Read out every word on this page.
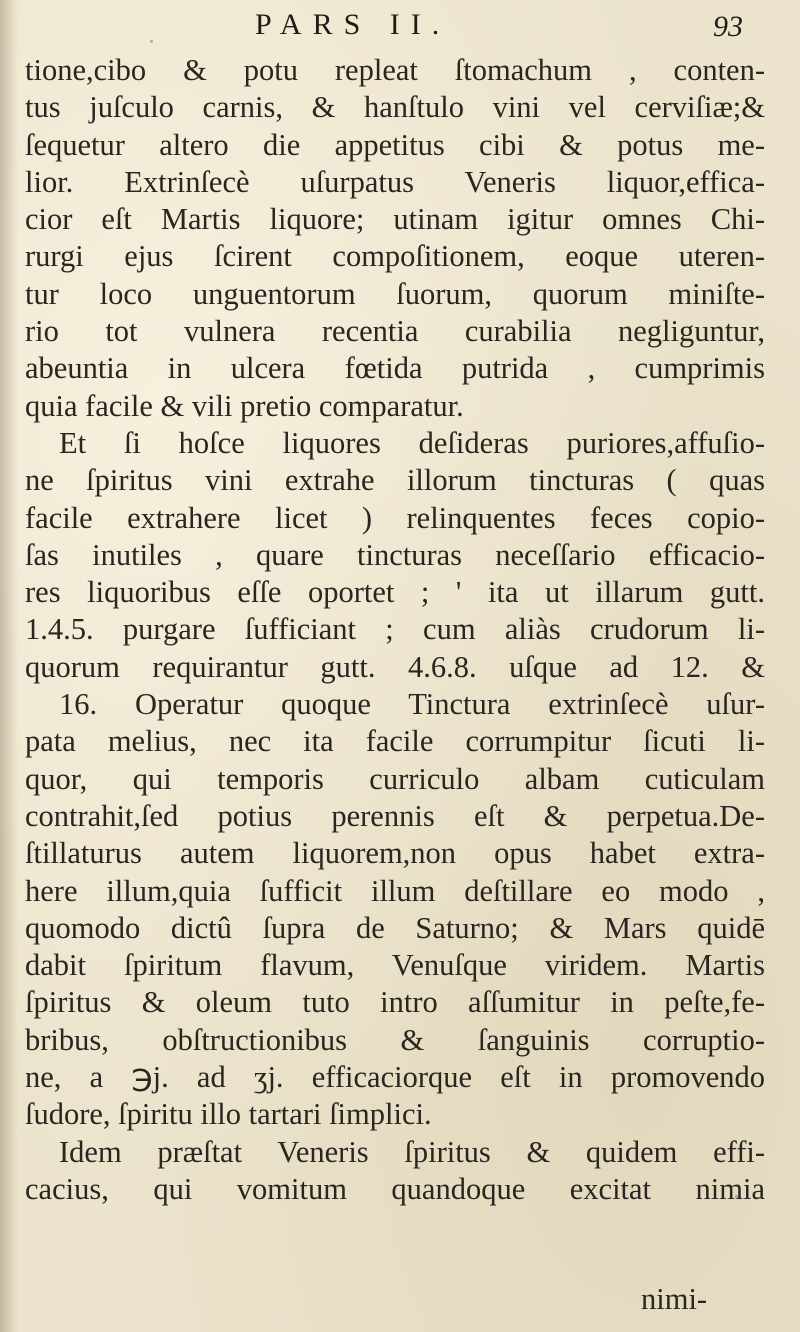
PARS II.	93
tione,cibo & potu repleat ſtomachum , conten-
tus juſculo carnis, & hanſtulo vini vel cerviſiæ;&
ſequetur altero die appetitus cibi & potus me-
lior. Extrinſecè uſurpatus Veneris liquor,effica-
cior eſt Martis liquore; utinam igitur omnes Chi-
rurgi ejus ſcirent compoſitionem, eoque uteren-
tur loco unguentorum ſuorum, quorum miniſte-
rio tot vulnera recentia curabilia negliguntur,
abeuntia in ulcera fœtida putrida , cumprimis
quia facile & vili pretio comparatur.
Et ſi hoſce liquores deſideras puriores,affuſio-
ne ſpiritus vini extrahe illorum tincturas ( quas
facile extrahere licet ) relinquentes feces copio-
ſas inutiles , quare tincturas neceſſario efficacio-
res liquoribus eſſe oportet ; ' ita ut illarum gutt.
1.4.5. purgare ſufficiant ; cum aliàs crudorum li-
quorum requirantur gutt. 4.6.8. uſque ad 12. &
16. Operatur quoque Tinctura extrinſecè uſur-
pata melius, nec ita facile corrumpitur ſicuti li-
quor, qui temporis curriculo albam cuticulam
contrahit,ſed potius perennis eſt & perpetua.De-
ſtillaturus autem liquorem,non opus habet extra-
here illum,quia ſufficit illum deſtillare eo modo ,
quomodo dictû ſupra de Saturno; & Mars quidē
dabit ſpiritum flavum, Venuſque viridem. Martis
ſpiritus & oleum tuto intro aſſumitur in peſte,fe-
bribus, obſtructionibus & ſanguinis corruptio-
ne, a ℈j. ad ʒj. efficaciorque eſt in promovendo
ſudore, ſpiritu illo tartari ſimplici.
Idem præſtat Veneris ſpiritus & quidem effi-
cacius, qui vomitum quandoque excitat nimia
nimi-
